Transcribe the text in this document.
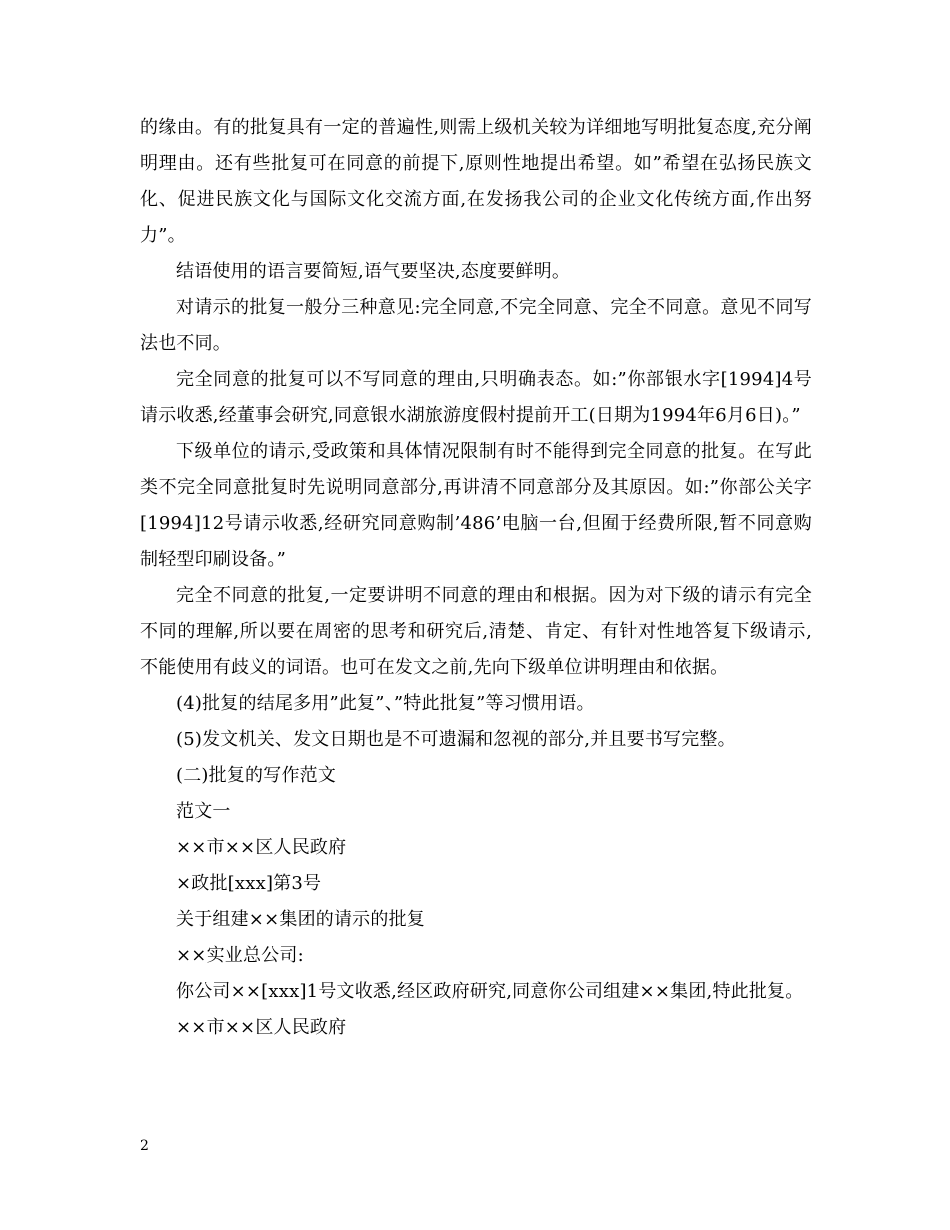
的缘由。有的批复具有一定的普遍性,则需上级机关较为详细地写明批复态度,充分阐明理由。还有些批复可在同意的前提下,原则性地提出希望。如”希望在弘扬民族文化、促进民族文化与国际文化交流方面,在发扬我公司的企业文化传统方面,作出努力”。

结语使用的语言要简短,语气要坚决,态度要鲜明。

对请示的批复一般分三种意见:完全同意,不完全同意、完全不同意。意见不同写法也不同。

完全同意的批复可以不写同意的理由,只明确表态。如:”你部银水字[1994]4号请示收悉,经董事会研究,同意银水湖旅游度假村提前开工(日期为1994年6月6日)。”

下级单位的请示,受政策和具体情况限制有时不能得到完全同意的批复。在写此类不完全同意批复时先说明同意部分,再讲清不同意部分及其原因。如:”你部公关字[1994]12号请示收悉,经研究同意购制’486’电脑一台,但囿于经费所限,暂不同意购制轻型印刷设备。”

完全不同意的批复,一定要讲明不同意的理由和根据。因为对下级的请示有完全不同的理解,所以要在周密的思考和研究后,清楚、肯定、有针对性地答复下级请示,不能使用有歧义的词语。也可在发文之前,先向下级单位讲明理由和依据。

(4)批复的结尾多用”此复”、”特此批复”等习惯用语。

(5)发文机关、发文日期也是不可遗漏和忽视的部分,并且要书写完整。

(二)批复的写作范文

范文一

××市××区人民政府

×政批[xxx]第3号

关于组建××集团的请示的批复

××实业总公司:

你公司××[xxx]1号文收悉,经区政府研究,同意你公司组建××集团,特此批复。

××市××区人民政府

2
